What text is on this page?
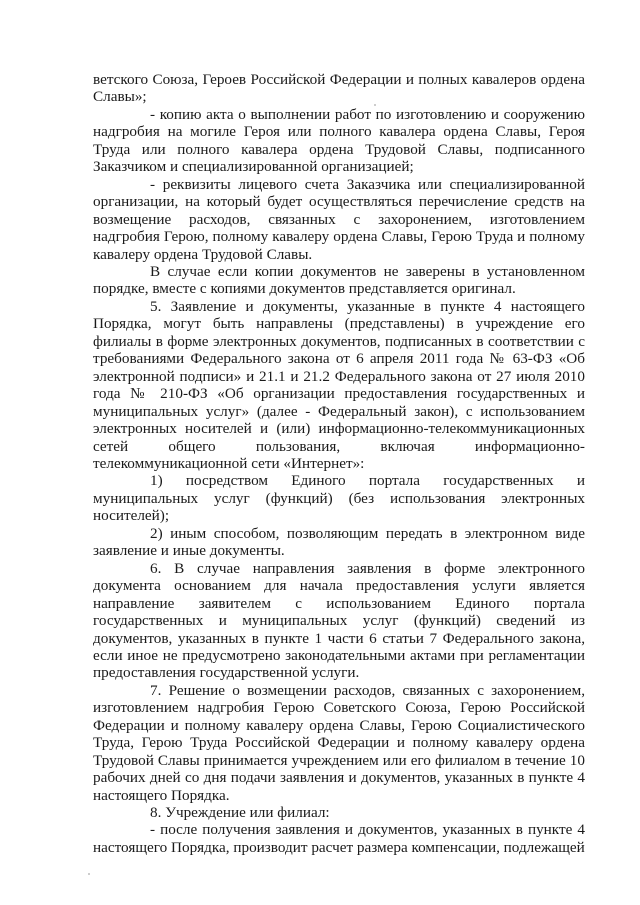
ветского Союза, Героев Российской Федерации и полных кавалеров ордена Славы»;

- копию акта о выполнении работ по изготовлению и сооружению надгробия на могиле Героя или полного кавалера ордена Славы, Героя Труда или полного кавалера ордена Трудовой Славы, подписанного Заказчиком и специализированной организацией;

- реквизиты лицевого счета Заказчика или специализированной организации, на который будет осуществляться перечисление средств на возмещение расходов, связанных с захоронением, изготовлением надгробия Герою, полному кавалеру ордена Славы, Герою Труда и полному кавалеру ордена Трудовой Славы.

В случае если копии документов не заверены в установленном порядке, вместе с копиями документов представляется оригинал.

5. Заявление и документы, указанные в пункте 4 настоящего Порядка, могут быть направлены (представлены) в учреждение его филиалы в форме электронных документов, подписанных в соответствии с требованиями Федерального закона от 6 апреля 2011 года № 63-ФЗ «Об электронной подписи» и 21.1 и 21.2 Федерального закона от 27 июля 2010 года № 210-ФЗ «Об организации предоставления государственных и муниципальных услуг» (далее - Федеральный закон), с использованием электронных носителей и (или) информационно-телекоммуникационных сетей общего пользования, включая информационно-телекоммуникационной сети «Интернет»:

1) посредством Единого портала государственных и муниципальных услуг (функций) (без использования электронных носителей);

2) иным способом, позволяющим передать в электронном виде заявление и иные документы.

6. В случае направления заявления в форме электронного документа основанием для начала предоставления услуги является направление заявителем с использованием Единого портала государственных и муниципальных услуг (функций) сведений из документов, указанных в пункте 1 части 6 статьи 7 Федерального закона, если иное не предусмотрено законодательными актами при регламентации предоставления государственной услуги.

7. Решение о возмещении расходов, связанных с захоронением, изготовлением надгробия Герою Советского Союза, Герою Российской Федерации и полному кавалеру ордена Славы, Герою Социалистического Труда, Герою Труда Российской Федерации и полному кавалеру ордена Трудовой Славы принимается учреждением или его филиалом в течение 10 рабочих дней со дня подачи заявления и документов, указанных в пункте 4 настоящего Порядка.

8. Учреждение или филиал:

- после получения заявления и документов, указанных в пункте 4 настоящего Порядка, производит расчет размера компенсации, подлежащей
